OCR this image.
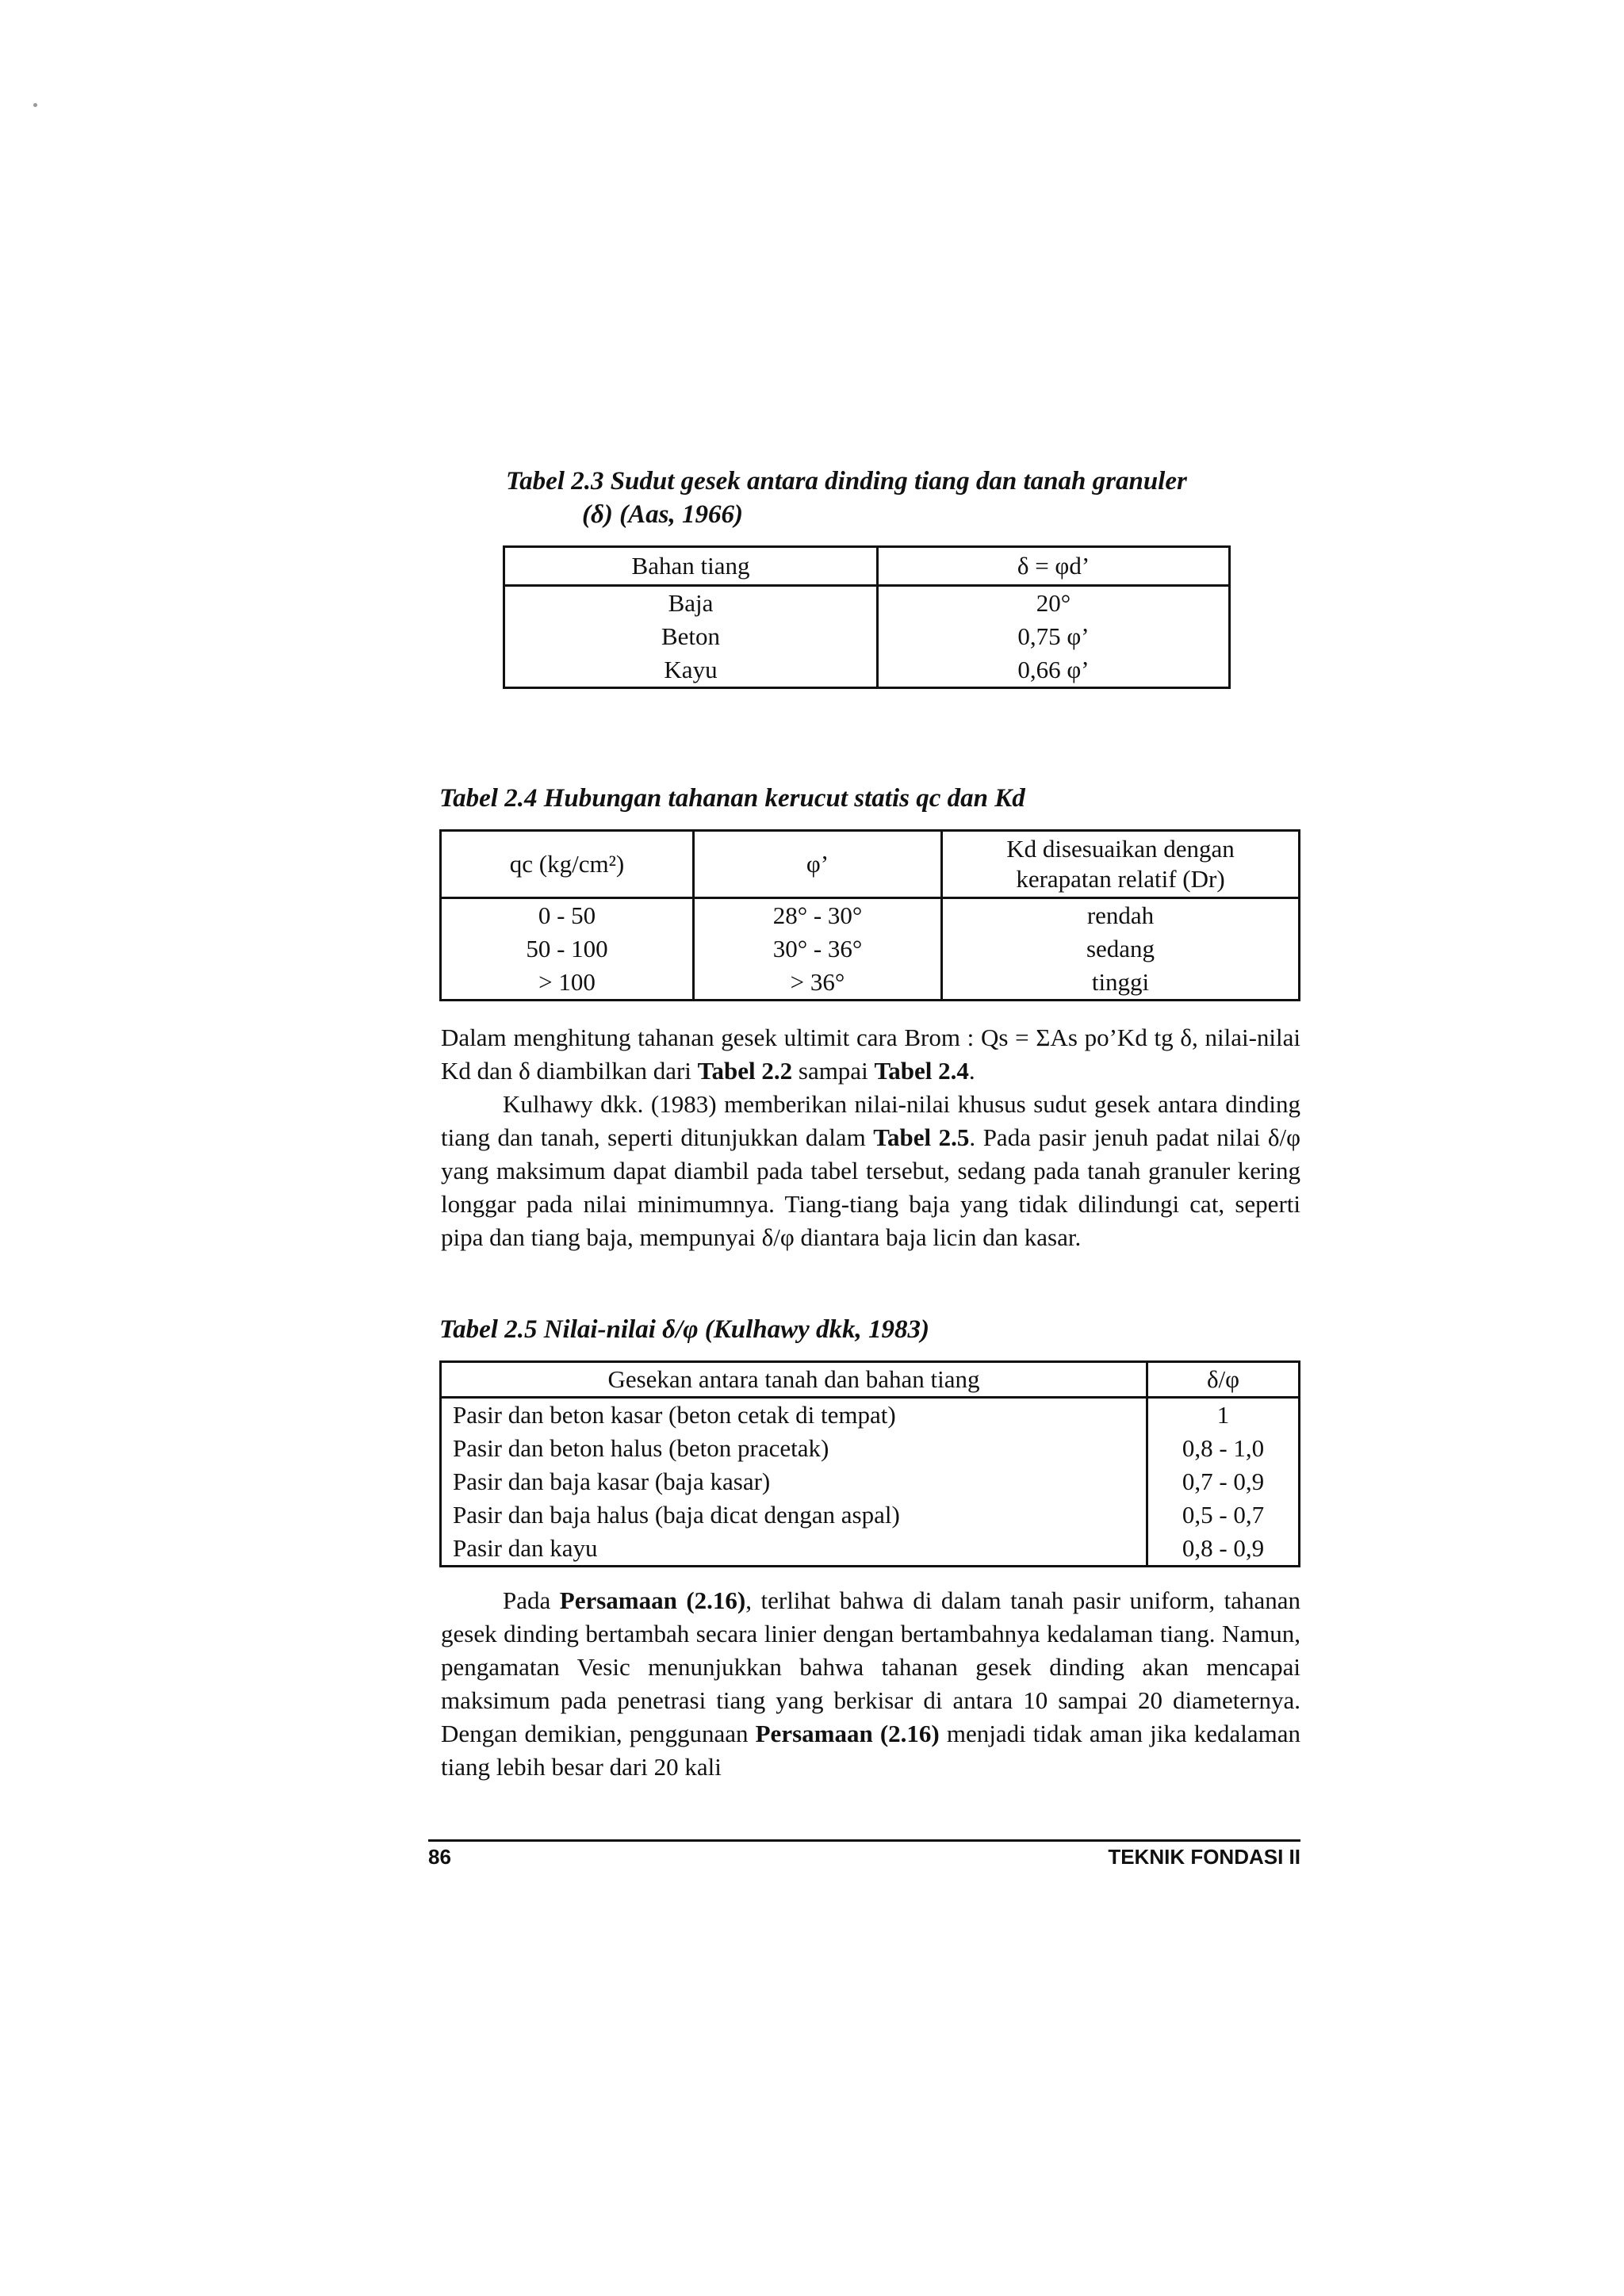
Tabel 2.3 Sudut gesek antara dinding tiang dan tanah granuler
(δ) (Aas, 1966)
Bahan tiang	δ = φd’
Baja	20°
Beton	0,75 φ’
Kayu	0,66 φ’
Tabel 2.4 Hubungan tahanan kerucut statis qc dan Kd
qc (kg/cm²)	φ’	Kd disesuaikan dengan
kerapatan relatif (Dr)

0 - 50	28° - 30°	rendah
50 - 100	30° - 36°	sedang
> 100	> 36°	tinggi

Dalam menghitung tahanan gesek ultimit cara Brom : Qs = ΣAs po’Kd tg δ, nilai-nilai Kd dan δ diambilkan dari Tabel 2.2 sampai Tabel 2.4.

Kulhawy dkk. (1983) memberikan nilai-nilai khusus sudut gesek antara dinding tiang dan tanah, seperti ditunjukkan dalam Tabel 2.5. Pada pasir jenuh padat nilai δ/φ yang maksimum dapat diambil pada tabel tersebut, sedang pada tanah granuler kering longgar pada nilai minimumnya. Tiang-tiang baja yang tidak dilindungi cat, seperti pipa dan tiang baja, mempunyai δ/φ diantara baja licin dan kasar.

Tabel 2.5 Nilai-nilai δ/φ (Kulhawy dkk, 1983)
Gesekan antara tanah dan bahan tiang	δ/φ
Pasir dan beton kasar (beton cetak di tempat)	1
Pasir dan beton halus (beton pracetak)	0,8 - 1,0
Pasir dan baja kasar (baja kasar)	0,7 - 0,9
Pasir dan baja halus (baja dicat dengan aspal)	0,5 - 0,7
Pasir dan kayu	0,8 - 0,9

Pada Persamaan (2.16), terlihat bahwa di dalam tanah pasir uniform, tahanan gesek dinding bertambah secara linier dengan bertambahnya kedalaman tiang. Namun, pengamatan Vesic menunjukkan bahwa tahanan gesek dinding akan mencapai maksimum pada penetrasi tiang yang berkisar di antara 10 sampai 20 diameternya. Dengan demikian, penggunaan Persamaan (2.16) menjadi tidak aman jika kedalaman tiang lebih besar dari 20 kali

86	TEKNIK FONDASI II
